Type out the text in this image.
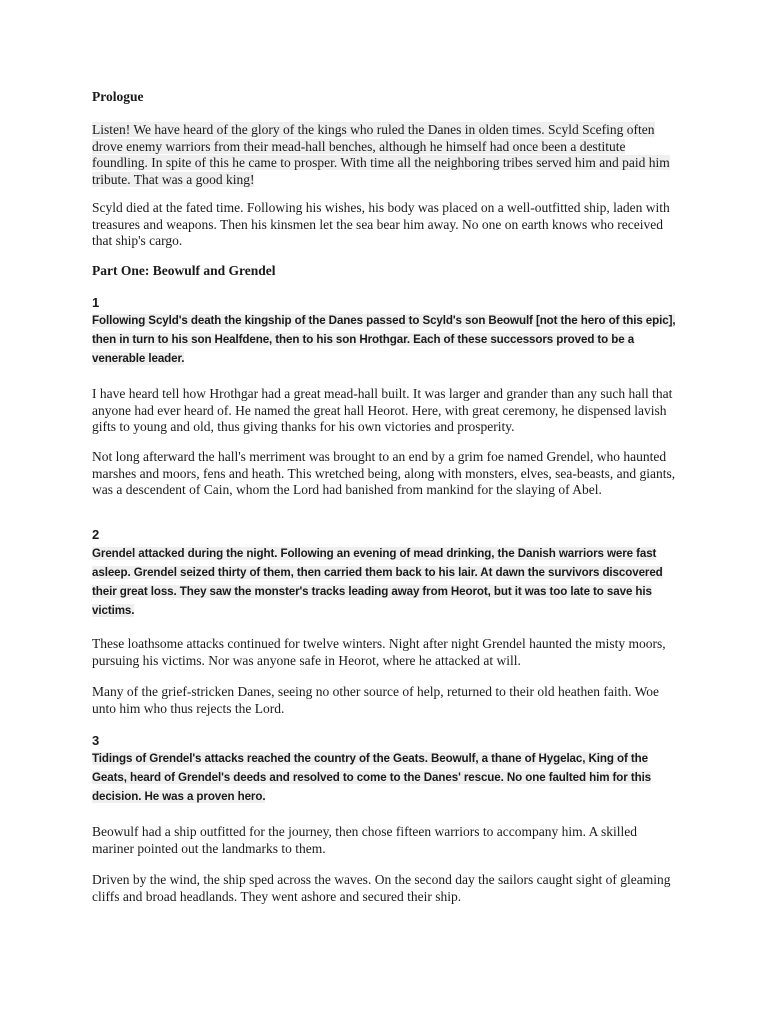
Prologue

Listen! We have heard of the glory of the kings who ruled the Danes in olden times. Scyld Scefing often drove enemy warriors from their mead-hall benches, although he himself had once been a destitute foundling. In spite of this he came to prosper. With time all the neighboring tribes served him and paid him tribute. That was a good king!

Scyld died at the fated time. Following his wishes, his body was placed on a well-outfitted ship, laden with treasures and weapons. Then his kinsmen let the sea bear him away. No one on earth knows who received that ship's cargo.

Part One: Beowulf and Grendel

1

Following Scyld's death the kingship of the Danes passed to Scyld's son Beowulf [not the hero of this epic], then in turn to his son Healfdene, then to his son Hrothgar. Each of these successors proved to be a venerable leader.

I have heard tell how Hrothgar had a great mead-hall built. It was larger and grander than any such hall that anyone had ever heard of. He named the great hall Heorot. Here, with great ceremony, he dispensed lavish gifts to young and old, thus giving thanks for his own victories and prosperity.

Not long afterward the hall's merriment was brought to an end by a grim foe named Grendel, who haunted marshes and moors, fens and heath. This wretched being, along with monsters, elves, sea-beasts, and giants, was a descendent of Cain, whom the Lord had banished from mankind for the slaying of Abel.

2

Grendel attacked during the night. Following an evening of mead drinking, the Danish warriors were fast asleep. Grendel seized thirty of them, then carried them back to his lair. At dawn the survivors discovered their great loss. They saw the monster's tracks leading away from Heorot, but it was too late to save his victims.

These loathsome attacks continued for twelve winters. Night after night Grendel haunted the misty moors, pursuing his victims. Nor was anyone safe in Heorot, where he attacked at will.

Many of the grief-stricken Danes, seeing no other source of help, returned to their old heathen faith. Woe unto him who thus rejects the Lord.

3

Tidings of Grendel's attacks reached the country of the Geats. Beowulf, a thane of Hygelac, King of the Geats, heard of Grendel's deeds and resolved to come to the Danes' rescue. No one faulted him for this decision. He was a proven hero.

Beowulf had a ship outfitted for the journey, then chose fifteen warriors to accompany him. A skilled mariner pointed out the landmarks to them.

Driven by the wind, the ship sped across the waves. On the second day the sailors caught sight of gleaming cliffs and broad headlands. They went ashore and secured their ship.
